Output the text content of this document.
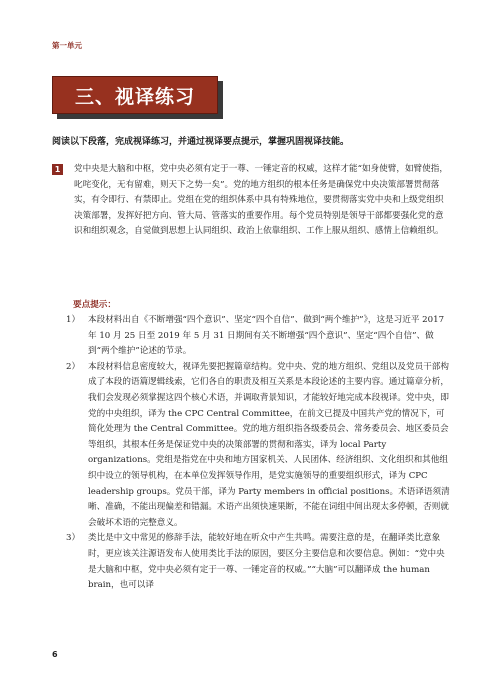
第一单元
三、视译练习
阅读以下段落，完成视译练习，并通过视译要点提示，掌握巩固视译技能。
1	党中央是大脑和中枢，党中央必须有定于一尊、一锤定音的权威，这样才能“如身使臂，如臂使指，叱咤变化，无有留难，则天下之势一矣”。党的地方组织的根本任务是确保党中央决策部署贯彻落实，有令即行、有禁即止。党组在党的组织体系中具有特殊地位，要贯彻落实党中央和上级党组织决策部署，发挥好把方向、管大局、管落实的重要作用。每个党员特别是领导干部都要强化党的意识和组织观念，自觉做到思想上认同组织、政治上依靠组织、工作上服从组织、感情上信赖组织。

要点提示：
1） 本段材料出自《不断增强“四个意识”、坚定“四个自信”、做到“两个维护”》，这是习近平 2017 年 10 月 25 日至 2019 年 5 月 31 日期间有关不断增强“四个意识”、坚定“四个自信”、做到“两个维护”论述的节录。

2） 本段材料信息密度较大，视译先要把握篇章结构。党中央、党的地方组织、党组以及党员干部构成了本段的语篇逻辑线索，它们各自的职责及相互关系是本段论述的主要内容。通过篇章分析，我们会发现必须掌握这四个核心术语，并调取背景知识，才能较好地完成本段视译。党中央，即党的中央组织，译为 the CPC Central Committee，在前文已提及中国共产党的情况下，可简化处理为 the Central Committee。党的地方组织指各级委员会、常务委员会、地区委员会等组织，其根本任务是保证党中央的决策部署的贯彻和落实，译为 local Party organizations。党组是指党在中央和地方国家机关、人民团体、经济组织、文化组织和其他组织中设立的领导机构，在本单位发挥领导作用，是党实施领导的重要组织形式，译为 CPC leadership groups。党员干部，译为 Party members in official positions。术语译语须清晰、准确，不能出现偏差和错漏。术语产出须快速果断，不能在词组中间出现太多停顿，否则就会破坏术语的完整意义。

3） 类比是中文中常见的修辞手法，能较好地在听众中产生共鸣。需要注意的是，在翻译类比意象时，更应该关注源语发布人使用类比手法的原因，要区分主要信息和次要信息。例如：“党中央是大脑和中枢，党中央必须有定于一尊、一锤定音的权威。”“大脑”可以翻译成 the human brain，也可以译

6
